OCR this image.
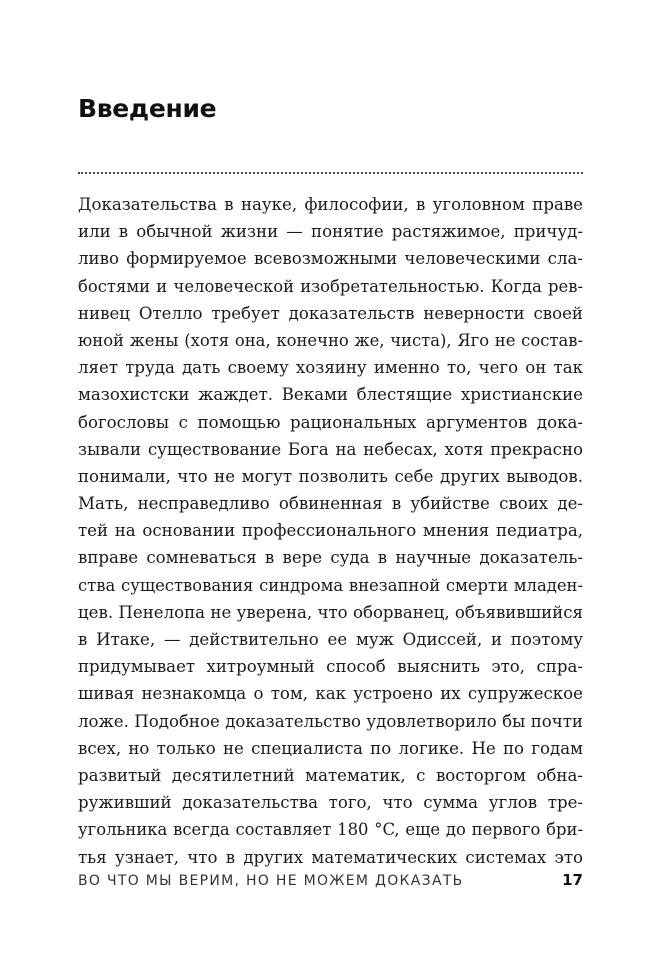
Введение
Доказательства в науке, философии, в уголовном праве
или в обычной жизни — понятие растяжимое, причуд-
ливо формируемое всевозможными человеческими сла-
бостями и человеческой изобретательностью. Когда рев-
нивец Отелло требует доказательств неверности своей
юной жены (хотя она, конечно же, чиста), Яго не состав-
ляет труда дать своему хозяину именно то, чего он так
мазохистски жаждет. Веками блестящие христианские
богословы с помощью рациональных аргументов дока-
зывали существование Бога на небесах, хотя прекрасно
понимали, что не могут позволить себе других выводов.
Мать, несправедливо обвиненная в убийстве своих де-
тей на основании профессионального мнения педиатра,
вправе сомневаться в вере суда в научные доказатель-
ства существования синдрома внезапной смерти младен-
цев. Пенелопа не уверена, что оборванец, объявившийся
в Итаке, — действительно ее муж Одиссей, и поэтому
придумывает хитроумный способ выяснить это, спра-
шивая незнакомца о том, как устроено их супружеское
ложе. Подобное доказательство удовлетворило бы почти
всех, но только не специалиста по логике. Не по годам
развитый десятилетний математик, с восторгом обна-
руживший доказательства того, что сумма углов тре-
угольника всегда составляет 180 °C, еще до первого бри-
тья узнает, что в других математических системах это
ВО ЧТО МЫ ВЕРИМ, НО НЕ МОЖЕМ ДОКАЗАТЬ	17
